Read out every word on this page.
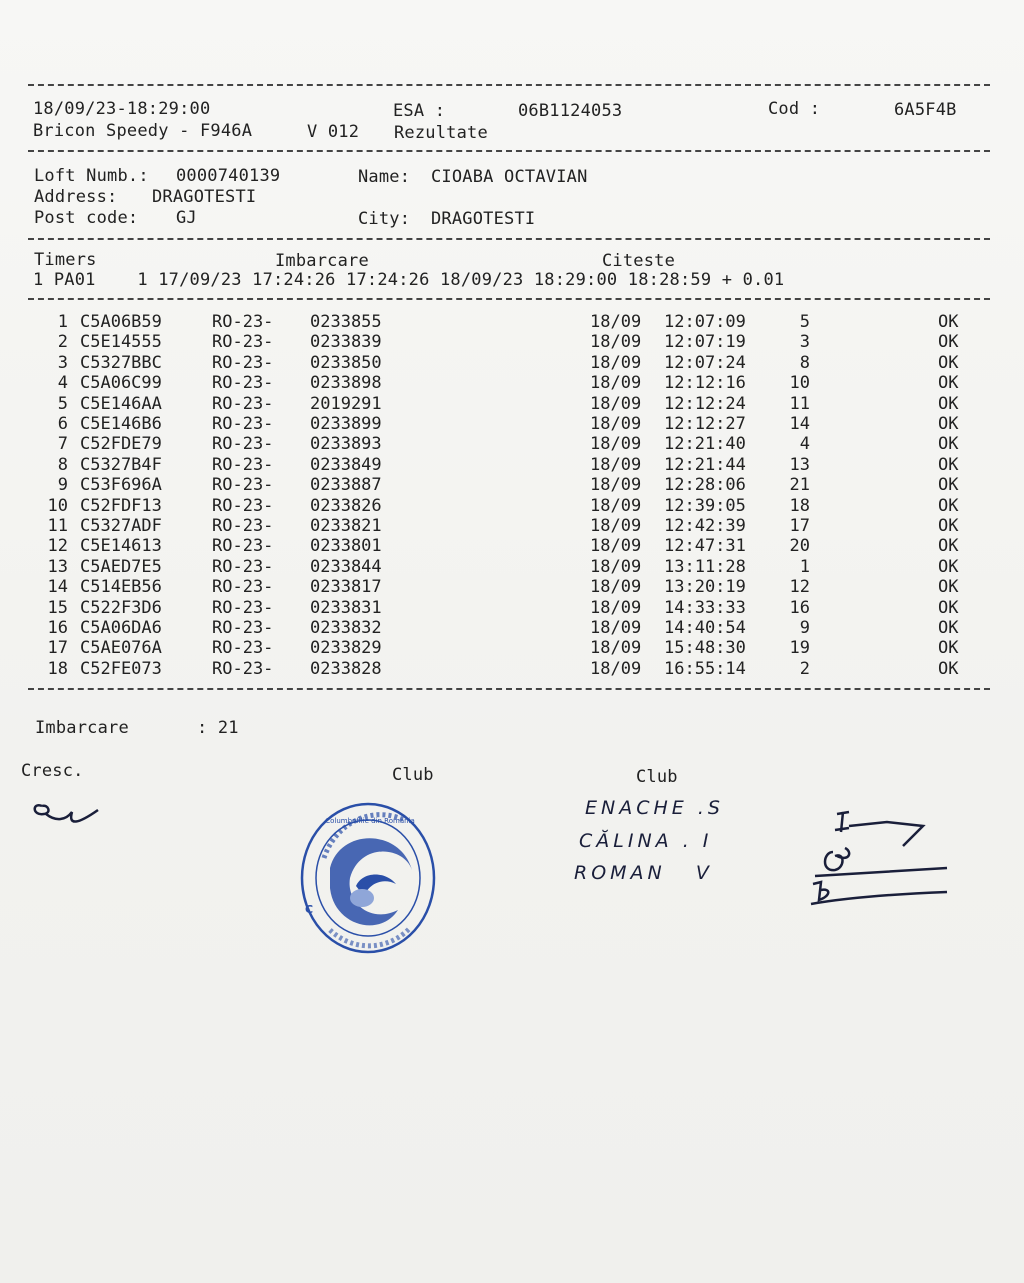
18/09/23-18:29:00	ESA :	06B1124053	Cod :	6A5F4B
Bricon Speedy - F946A	V 012 Rezultate
Loft Numb.: 0000740139	Name: CIOABA OCTAVIAN
Address: DRAGOTESTI
Post code: GJ	City: DRAGOTESTI
Timers	Imbarcare	Citeste
1 PA01    1 17/09/23 17:24:26 17:24:26 18/09/23 18:29:00 18:28:59 + 0.01
1 C5A06B59	RO-23- 0233855	18/09 12:07:09	5	OK
2 C5E14555	RO-23- 0233839	18/09 12:07:19	3	OK
3 C5327BBC	RO-23- 0233850	18/09 12:07:24	8	OK
4 C5A06C99	RO-23- 0233898	18/09 12:12:16	10	OK
5 C5E146AA	RO-23- 2019291	18/09 12:12:24	11	OK
6 C5E146B6	RO-23- 0233899	18/09 12:12:27	14	OK
7 C52FDE79	RO-23- 0233893	18/09 12:21:40	4	OK
8 C5327B4F	RO-23- 0233849	18/09 12:21:44	13	OK
9 C53F696A	RO-23- 0233887	18/09 12:28:06	21	OK
10 C52FDF13	RO-23- 0233826	18/09 12:39:05	18	OK
11 C5327ADF	RO-23- 0233821	18/09 12:42:39	17	OK
12 C5E14613	RO-23- 0233801	18/09 12:47:31	20	OK
13 C5AED7E5	RO-23- 0233844	18/09 13:11:28	1	OK
14 C514EB56	RO-23- 0233817	18/09 13:20:19	12	OK
15 C522F3D6	RO-23- 0233831	18/09 14:33:33	16	OK
16 C5A06DA6	RO-23- 0233832	18/09 14:40:54	9	OK
17 C5AE076A	RO-23- 0233829	18/09 15:48:30	19	OK
18 C52FE073	RO-23- 0233828	18/09 16:55:14	2	OK
Imbarcare	: 21
Cresc.	Club	Club
C
Columbofilie din Romania
ENACHE .S
CĂLINA . I
ROMAN   V
